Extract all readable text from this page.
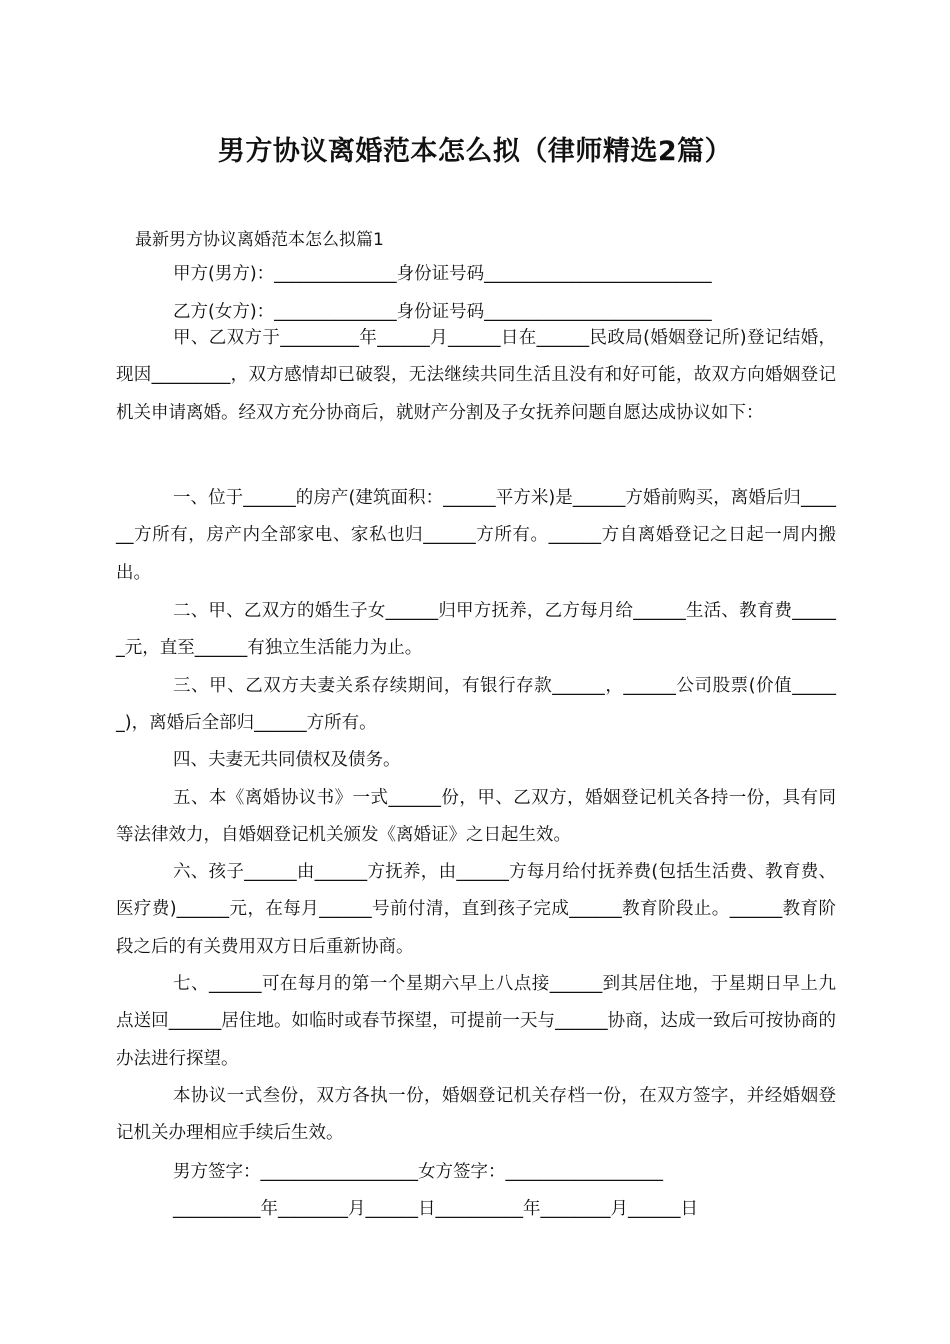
男方协议离婚范本怎么拟（律师精选2篇）
最新男方协议离婚范本怎么拟篇1
甲方(男方)：______________身份证号码__________________________
乙方(女方)：______________身份证号码__________________________

甲、乙双方于_________年______月______日在______民政局(婚姻登记所)登记结婚，现因_________，双方感情却已破裂，无法继续共同生活且没有和好可能，故双方向婚姻登记机关申请离婚。经双方充分协商后，就财产分割及子女抚养问题自愿达成协议如下：

一、位于______的房产(建筑面积：______平方米)是______方婚前购买，离婚后归______方所有，房产内全部家电、家私也归______方所有。______方自离婚登记之日起一周内搬出。

二、甲、乙双方的婚生子女______归甲方抚养，乙方每月给______生活、教育费______元，直至______有独立生活能力为止。

三、甲、乙双方夫妻关系存续期间，有银行存款______，______公司股票(价值______)，离婚后全部归______方所有。

四、夫妻无共同债权及债务。

五、本《离婚协议书》一式______份，甲、乙双方，婚姻登记机关各持一份，具有同等法律效力，自婚姻登记机关颁发《离婚证》之日起生效。

六、孩子______由______方抚养，由______方每月给付抚养费(包括生活费、教育费、医疗费)______元，在每月______号前付清，直到孩子完成______教育阶段止。______教育阶段之后的有关费用双方日后重新协商。

七、______可在每月的第一个星期六早上八点接______到其居住地，于星期日早上九点送回______居住地。如临时或春节探望，可提前一天与______协商，达成一致后可按协商的办法进行探望。

本协议一式叁份，双方各执一份，婚姻登记机关存档一份，在双方签字，并经婚姻登记机关办理相应手续后生效。

男方签字：__________________女方签字：__________________
__________年________月______日__________年________月______日
